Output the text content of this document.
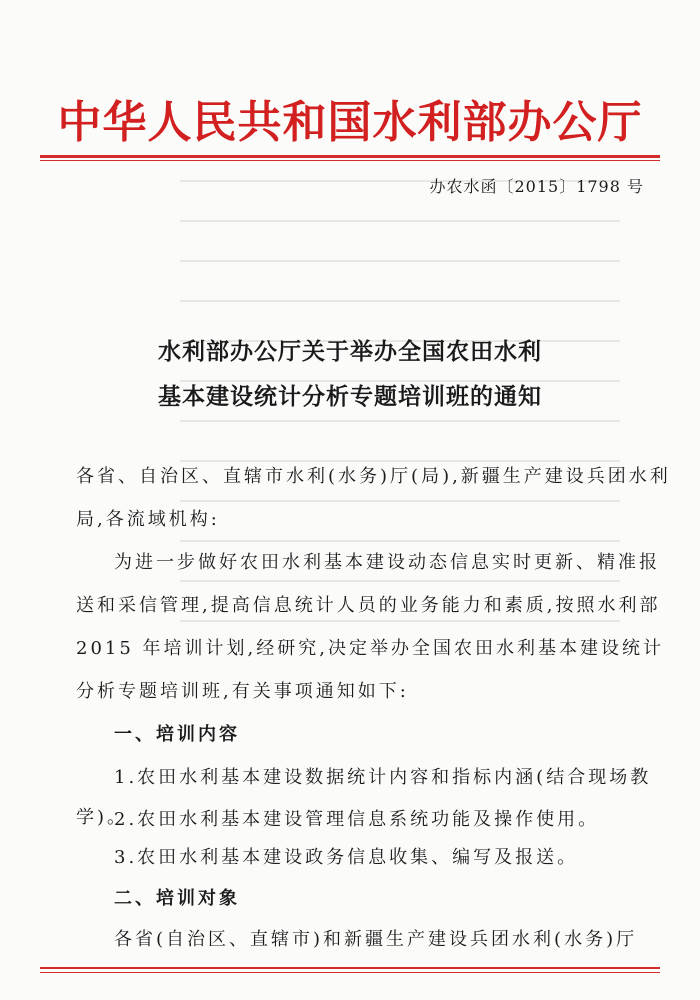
中华人民共和国水利部办公厅
办农水函〔2015〕1798 号
水利部办公厅关于举办全国农田水利
基本建设统计分析专题培训班的通知
各省、自治区、直辖市水利(水务)厅(局),新疆生产建设兵团水利
局,各流域机构:
为进一步做好农田水利基本建设动态信息实时更新、精准报
送和采信管理,提高信息统计人员的业务能力和素质,按照水利部
2015 年培训计划,经研究,决定举办全国农田水利基本建设统计
分析专题培训班,有关事项通知如下:
一、培训内容
1.农田水利基本建设数据统计内容和指标内涵(结合现场教
学)。
2.农田水利基本建设管理信息系统功能及操作使用。
3.农田水利基本建设政务信息收集、编写及报送。
二、培训对象
各省(自治区、直辖市)和新疆生产建设兵团水利(水务)厅
